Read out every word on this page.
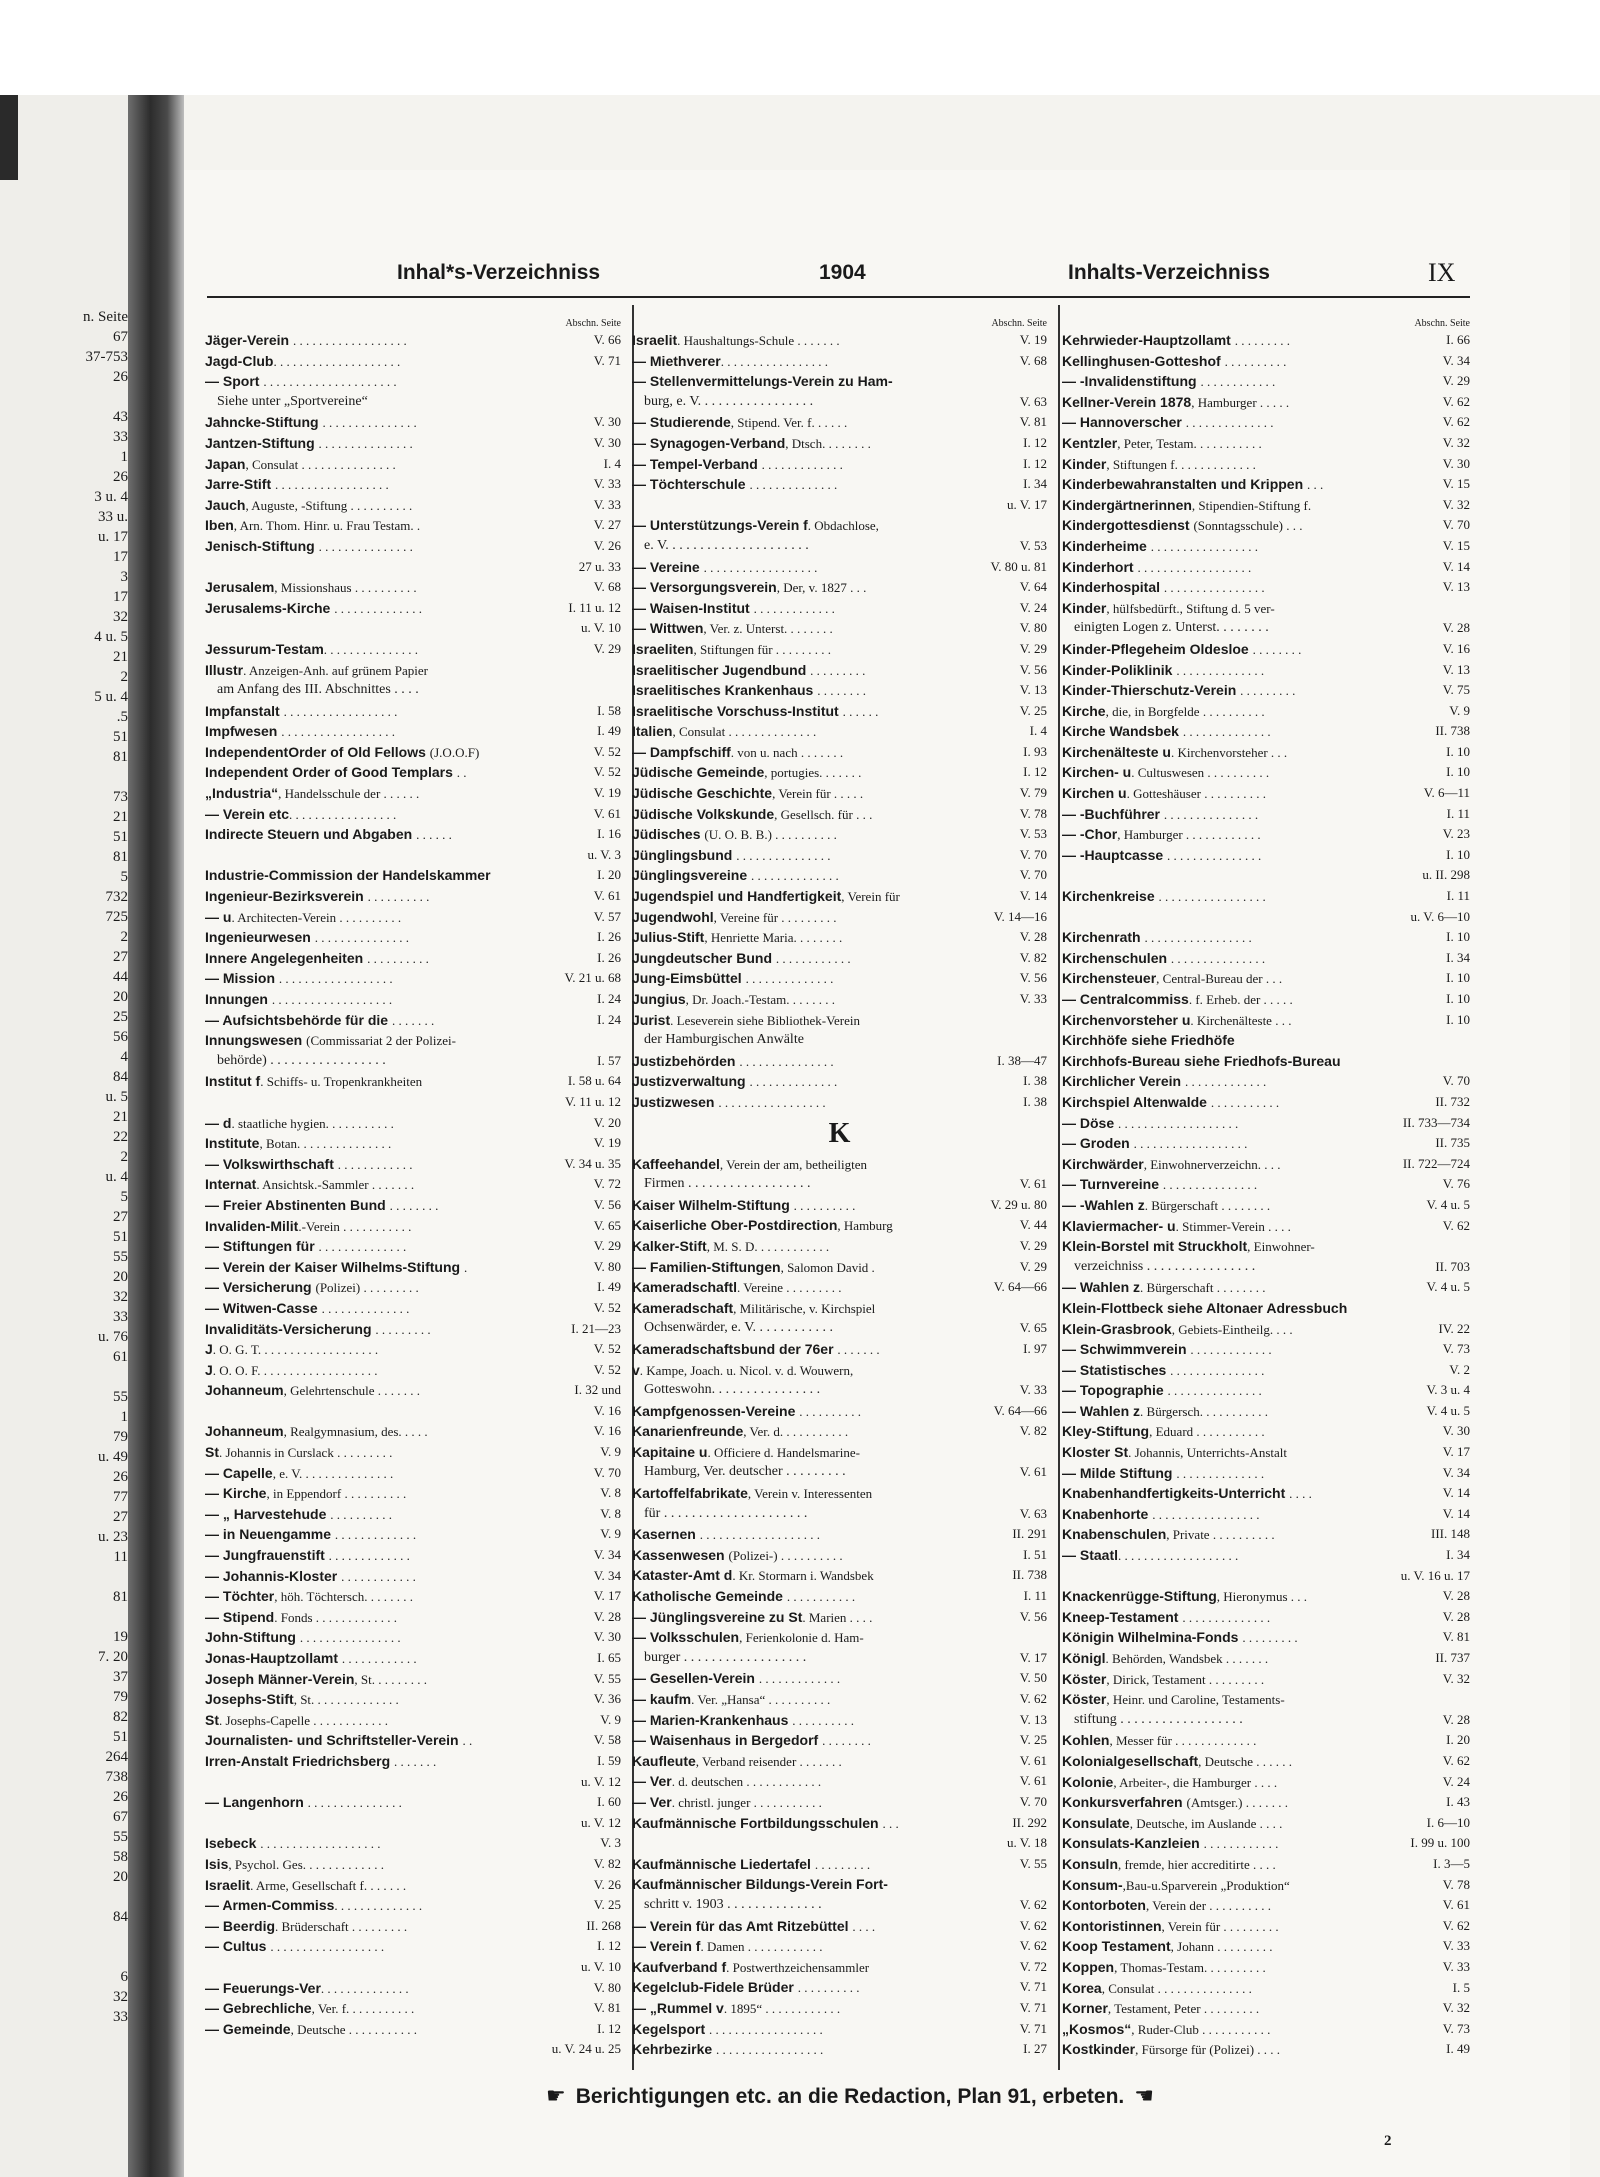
n. Seite
67
37-753
26
43
33
1
26
3 u. 4
33 u.
u. 17
17
3
17
32
4 u. 5
21
2
5 u. 4
.5
51
81
73
21
51
81
5
732
725
2
27
44
20
25
56
4
84
u. 5
21
22
2
u. 4
5
27
51
55
20
32
33
u. 76
61
55
1
79
u. 49
26
77
27
u. 23
11
81
19
7. 20
37
79
82
51
264
738
26
67
55
58
20
84
6
32
33
Inhal*s-Verzeichniss	1904	Inhalts-Verzeichniss	IX
Abschn. Seite
Jäger-Verein . . . . . . . . . . . . . . . . . .	V. 66
Jagd-Club. . . . . . . . . . . . . . . . . . . .	V. 71
— Sport . . . . . . . . . . . . . . . . . . . . .
Siehe unter „Sportvereine“
Jahncke-Stiftung . . . . . . . . . . . . . . .	V. 30
Jantzen-Stiftung . . . . . . . . . . . . . . .	V. 30
Japan, Consulat . . . . . . . . . . . . . . .	I. 4
Jarre-Stift . . . . . . . . . . . . . . . . . .	V. 33
Jauch, Auguste, -Stiftung . . . . . . . . . .	V. 33
Iben, Arn. Thom. Hinr. u. Frau Testam. .	V. 27
Jenisch-Stiftung . . . . . . . . . . . . . . .	V. 26
27 u. 33
Jerusalem, Missionshaus . . . . . . . . . .	V. 68
Jerusalems-Kirche . . . . . . . . . . . . . .	I. 11 u. 12
u. V. 10
Jessurum-Testam. . . . . . . . . . . . . . .	V. 29
Illustr. Anzeigen-Anh. auf grünem Papier
am Anfang des III. Abschnittes . . . .
Impfanstalt . . . . . . . . . . . . . . . . . .	I. 58
Impfwesen . . . . . . . . . . . . . . . . . .	I. 49
IndependentOrder of Old Fellows (J.O.O.F)	V. 52
Independent Order of Good Templars . .	V. 52
„Industria“, Handelsschule der . . . . . .	V. 19
— Verein etc. . . . . . . . . . . . . . . . .	V. 61
Indirecte Steuern und Abgaben . . . . . .	I. 16
u. V. 3
Industrie-Commission der Handelskammer	I. 20
Ingenieur-Bezirksverein . . . . . . . . . .	V. 61
— u. Architecten-Verein . . . . . . . . . .	V. 57
Ingenieurwesen . . . . . . . . . . . . . . .	I. 26
Innere Angelegenheiten . . . . . . . . . .	I. 26
— Mission . . . . . . . . . . . . . . . . . .	V. 21 u. 68
Innungen . . . . . . . . . . . . . . . . . . .	I. 24
— Aufsichtsbehörde für die . . . . . . .	I. 24
Innungswesen (Commissariat 2 der Polizei-
behörde) . . . . . . . . . . . . . . . . .	I. 57
Institut f. Schiffs- u. Tropenkrankheiten	I. 58 u. 64
V. 11 u. 12
— d. staatliche hygien. . . . . . . . . . .	V. 20
Institute, Botan. . . . . . . . . . . . . . .	V. 19
— Volkswirthschaft . . . . . . . . . . . .	V. 34 u. 35
Internat. Ansichtsk.-Sammler . . . . . . .	V. 72
— Freier Abstinenten Bund . . . . . . . .	V. 56
Invaliden-Milit.-Verein . . . . . . . . . . .	V. 65
— Stiftungen für . . . . . . . . . . . . . .	V. 29
— Verein der Kaiser Wilhelms-Stiftung .	V. 80
— Versicherung (Polizei) . . . . . . . . .	I. 49
— Witwen-Casse . . . . . . . . . . . . . .	V. 52
Invaliditäts-Versicherung . . . . . . . . .	I. 21—23
J. O. G. T. . . . . . . . . . . . . . . . . . .	V. 52
J. O. O. F. . . . . . . . . . . . . . . . . . .	V. 52
Johanneum, Gelehrtenschule . . . . . . .	I. 32 und
V. 16
Johanneum, Realgymnasium, des. . . . .	V. 16
St. Johannis in Curslack . . . . . . . . .	V. 9
— Capelle, e. V. . . . . . . . . . . . . . .	V. 70
— Kirche, in Eppendorf . . . . . . . . . .	V. 8
— „ Harvestehude . . . . . . . . . .	V. 8
— in Neuengamme . . . . . . . . . . . . .	V. 9
— Jungfrauenstift . . . . . . . . . . . . .	V. 34
— Johannis-Kloster . . . . . . . . . . . .	V. 34
— Töchter, höh. Töchtersch. . . . . . . .	V. 17
— Stipend. Fonds . . . . . . . . . . . . .	V. 28
John-Stiftung . . . . . . . . . . . . . . . .	V. 30
Jonas-Hauptzollamt . . . . . . . . . . . .	I. 65
Joseph Männer-Verein, St. . . . . . . . .	V. 55
Josephs-Stift, St. . . . . . . . . . . . . .	V. 36
St. Josephs-Capelle . . . . . . . . . . . .	V. 9
Journalisten- und Schriftsteller-Verein . .	V. 58
Irren-Anstalt Friedrichsberg . . . . . . .	I. 59
u. V. 12
— Langenhorn . . . . . . . . . . . . . . .	I. 60
u. V. 12
Isebeck . . . . . . . . . . . . . . . . . . .	V. 3
Isis, Psychol. Ges. . . . . . . . . . . . .	V. 82
Israelit. Arme, Gesellschaft f. . . . . . .	V. 26
— Armen-Commiss. . . . . . . . . . . . . .	V. 25
— Beerdig. Brüderschaft . . . . . . . . .	II. 268
— Cultus . . . . . . . . . . . . . . . . . .	I. 12
u. V. 10
— Feuerungs-Ver. . . . . . . . . . . . . .	V. 80
— Gebrechliche, Ver. f. . . . . . . . . . .	V. 81
— Gemeinde, Deutsche . . . . . . . . . . .	I. 12
u. V. 24 u. 25
Abschn. Seite
Israelit. Haushaltungs-Schule . . . . . . .	V. 19
— Miethverer. . . . . . . . . . . . . . . . .	V. 68
— Stellenvermittelungs-Verein zu Ham-
burg, e. V. . . . . . . . . . . . . . . . .	V. 63
— Studierende, Stipend. Ver. f. . . . . .	V. 81
— Synagogen-Verband, Dtsch. . . . . . . .	I. 12
— Tempel-Verband . . . . . . . . . . . . .	I. 12
— Töchterschule . . . . . . . . . . . . . .	I. 34
u. V. 17
— Unterstützungs-Verein f. Obdachlose,
e. V. . . . . . . . . . . . . . . . . . . . .	V. 53
— Vereine . . . . . . . . . . . . . . . . . .	V. 80 u. 81
— Versorgungsverein, Der, v. 1827 . . .	V. 64
— Waisen-Institut . . . . . . . . . . . . .	V. 24
— Wittwen, Ver. z. Unterst. . . . . . . .	V. 80
Israeliten, Stiftungen für . . . . . . . . .	V. 29
Israelitischer Jugendbund . . . . . . . . .	V. 56
Israelitisches Krankenhaus . . . . . . . .	V. 13
Israelitische Vorschuss-Institut . . . . . .	V. 25
Italien, Consulat . . . . . . . . . . . . . .	I. 4
— Dampfschiff. von u. nach . . . . . . .	I. 93
Jüdische Gemeinde, portugies. . . . . . .	I. 12
Jüdische Geschichte, Verein für . . . . .	V. 79
Jüdische Volkskunde, Gesellsch. für . . .	V. 78
Jüdisches (U. O. B. B.) . . . . . . . . . .	V. 53
Jünglingsbund . . . . . . . . . . . . . . .	V. 70
Jünglingsvereine . . . . . . . . . . . . . .	V. 70
Jugendspiel und Handfertigkeit, Verein für	V. 14
Jugendwohl, Vereine für . . . . . . . . .	V. 14—16
Julius-Stift, Henriette Maria. . . . . . . .	V. 28
Jungdeutscher Bund . . . . . . . . . . . .	V. 82
Jung-Eimsbüttel . . . . . . . . . . . . . .	V. 56
Jungius, Dr. Joach.-Testam. . . . . . . .	V. 33
Jurist. Leseverein siehe Bibliothek-Verein
der Hamburgischen Anwälte
Justizbehörden . . . . . . . . . . . . . . .	I. 38—47
Justizverwaltung . . . . . . . . . . . . . .	I. 38
Justizwesen . . . . . . . . . . . . . . . . .	I. 38
K
Kaffeehandel, Verein der am, betheiligten
Firmen . . . . . . . . . . . . . . . . . .	V. 61
Kaiser Wilhelm-Stiftung . . . . . . . . . .	V. 29 u. 80
Kaiserliche Ober-Postdirection, Hamburg	V. 44
Kalker-Stift, M. S. D. . . . . . . . . . . .	V. 29
— Familien-Stiftungen, Salomon David .	V. 29
Kameradschaftl. Vereine . . . . . . . . .	V. 64—66
Kameradschaft, Militärische, v. Kirchspiel
Ochsenwärder, e. V. . . . . . . . . . . .	V. 65
Kameradschaftsbund der 76er . . . . . . .	I. 97
v. Kampe, Joach. u. Nicol. v. d. Wouwern,
Gotteswohn. . . . . . . . . . . . . . . .	V. 33
Kampfgenossen-Vereine . . . . . . . . . .	V. 64—66
Kanarienfreunde, Ver. d. . . . . . . . . . .	V. 82
Kapitaine u. Officiere d. Handelsmarine-
Hamburg, Ver. deutscher . . . . . . . . .	V. 61
Kartoffelfabrikate, Verein v. Interessenten
für . . . . . . . . . . . . . . . . . . . . .	V. 63
Kasernen . . . . . . . . . . . . . . . . . . .	II. 291
Kassenwesen (Polizei-) . . . . . . . . . .	I. 51
Kataster-Amt d. Kr. Stormarn i. Wandsbek	II. 738
Katholische Gemeinde . . . . . . . . . . .	I. 11
— Jünglingsvereine zu St. Marien . . . .	V. 56
— Volksschulen, Ferienkolonie d. Ham-
burger . . . . . . . . . . . . . . . . . .	V. 17
— Gesellen-Verein . . . . . . . . . . . . .	V. 50
— kaufm. Ver. „Hansa“ . . . . . . . . . .	V. 62
— Marien-Krankenhaus . . . . . . . . . .	V. 13
— Waisenhaus in Bergedorf . . . . . . . .	V. 25
Kaufleute, Verband reisender . . . . . . .	V. 61
— Ver. d. deutschen . . . . . . . . . . . .	V. 61
— Ver. christl. junger . . . . . . . . . . .	V. 70
Kaufmännische Fortbildungsschulen . . .	II. 292
u. V. 18
Kaufmännische Liedertafel . . . . . . . . .	V. 55
Kaufmännischer Bildungs-Verein Fort-
schritt v. 1903 . . . . . . . . . . . . . .	V. 62
— Verein für das Amt Ritzebüttel . . . .	V. 62
— Verein f. Damen . . . . . . . . . . . .	V. 62
Kaufverband f. Postwerthzeichensammler	V. 72
Kegelclub-Fidele Brüder . . . . . . . . . .	V. 71
— „Rummel v. 1895“ . . . . . . . . . . . .	V. 71
Kegelsport . . . . . . . . . . . . . . . . . .	V. 71
Kehrbezirke . . . . . . . . . . . . . . . . .	I. 27
Abschn. Seite
Kehrwieder-Hauptzollamt . . . . . . . . .	I. 66
Kellinghusen-Gotteshof . . . . . . . . . .	V. 34
— -Invalidenstiftung . . . . . . . . . . . .	V. 29
Kellner-Verein 1878, Hamburger . . . . .	V. 62
— Hannoverscher . . . . . . . . . . . . . .	V. 62
Kentzler, Peter, Testam. . . . . . . . . . .	V. 32
Kinder, Stiftungen f. . . . . . . . . . . . .	V. 30
Kinderbewahranstalten und Krippen . . .	V. 15
Kindergärtnerinnen, Stipendien-Stiftung f.	V. 32
Kindergottesdienst (Sonntagsschule) . . .	V. 70
Kinderheime . . . . . . . . . . . . . . . . .	V. 15
Kinderhort . . . . . . . . . . . . . . . . . .	V. 14
Kinderhospital . . . . . . . . . . . . . . . .	V. 13
Kinder, hülfsbedürft., Stiftung d. 5 ver-
einigten Logen z. Unterst. . . . . . . .	V. 28
Kinder-Pflegeheim Oldesloe . . . . . . . .	V. 16
Kinder-Poliklinik . . . . . . . . . . . . . .	V. 13
Kinder-Thierschutz-Verein . . . . . . . . .	V. 75
Kirche, die, in Borgfelde . . . . . . . . . .	V. 9
Kirche Wandsbek . . . . . . . . . . . . . .	II. 738
Kirchenälteste u. Kirchenvorsteher . . .	I. 10
Kirchen- u. Cultuswesen . . . . . . . . . .	I. 10
Kirchen u. Gotteshäuser . . . . . . . . . .	V. 6—11
— -Buchführer . . . . . . . . . . . . . . .	I. 11
— -Chor, Hamburger . . . . . . . . . . . .	V. 23
— -Hauptcasse . . . . . . . . . . . . . . .	I. 10
u. II. 298
Kirchenkreise . . . . . . . . . . . . . . . . .	I. 11
u. V. 6—10
Kirchenrath . . . . . . . . . . . . . . . . .	I. 10
Kirchenschulen . . . . . . . . . . . . . . .	I. 34
Kirchensteuer, Central-Bureau der . . .	I. 10
— Centralcommiss. f. Erheb. der . . . . .	I. 10
Kirchenvorsteher u. Kirchenälteste . . .	I. 10
Kirchhöfe siehe Friedhöfe
Kirchhofs-Bureau siehe Friedhofs-Bureau
Kirchlicher Verein . . . . . . . . . . . . .	V. 70
Kirchspiel Altenwalde . . . . . . . . . . .	II. 732
— Döse . . . . . . . . . . . . . . . . . . .	II. 733—734
— Groden . . . . . . . . . . . . . . . . . .	II. 735
Kirchwärder, Einwohnerverzeichn. . . .	II. 722—724
— Turnvereine . . . . . . . . . . . . . . .	V. 76
— -Wahlen z. Bürgerschaft . . . . . . . .	V. 4 u. 5
Klaviermacher- u. Stimmer-Verein . . . .	V. 62
Klein-Borstel mit Struckholt, Einwohner-
verzeichniss . . . . . . . . . . . . . . . .	II. 703
— Wahlen z. Bürgerschaft . . . . . . . .	V. 4 u. 5
Klein-Flottbeck siehe Altonaer Adressbuch
Klein-Grasbrook, Gebiets-Eintheilg. . . .	IV. 22
— Schwimmverein . . . . . . . . . . . . .	V. 73
— Statistisches . . . . . . . . . . . . . . .	V. 2
— Topographie . . . . . . . . . . . . . . .	V. 3 u. 4
— Wahlen z. Bürgersch. . . . . . . . . . .	V. 4 u. 5
Kley-Stiftung, Eduard . . . . . . . . . . .	V. 30
Kloster St. Johannis, Unterrichts-Anstalt	V. 17
— Milde Stiftung . . . . . . . . . . . . . .	V. 34
Knabenhandfertigkeits-Unterricht . . . .	V. 14
Knabenhorte . . . . . . . . . . . . . . . . .	V. 14
Knabenschulen, Private . . . . . . . . . .	III. 148
— Staatl. . . . . . . . . . . . . . . . . . .	I. 34
u. V. 16 u. 17
Knackenrügge-Stiftung, Hieronymus . . .	V. 28
Kneep-Testament . . . . . . . . . . . . . .	V. 28
Königin Wilhelmina-Fonds . . . . . . . . .	V. 81
Königl. Behörden, Wandsbek . . . . . . .	II. 737
Köster, Dirick, Testament . . . . . . . . .	V. 32
Köster, Heinr. und Caroline, Testaments-
stiftung . . . . . . . . . . . . . . . . . .	V. 28
Kohlen, Messer für . . . . . . . . . . . . .	I. 20
Kolonialgesellschaft, Deutsche . . . . . .	V. 62
Kolonie, Arbeiter-, die Hamburger . . . .	V. 24
Konkursverfahren (Amtsger.) . . . . . . .	I. 43
Konsulate, Deutsche, im Auslande . . . .	I. 6—10
Konsulats-Kanzleien . . . . . . . . . . . .	I. 99 u. 100
Konsuln, fremde, hier accreditirte . . . .	I. 3—5
Konsum-,Bau-u.Sparverein „Produktion“	V. 78
Kontorboten, Verein der . . . . . . . . . .	V. 61
Kontoristinnen, Verein für . . . . . . . . .	V. 62
Koop Testament, Johann . . . . . . . . .	V. 33
Koppen, Thomas-Testam. . . . . . . . . .	V. 33
Korea, Consulat . . . . . . . . . . . . . . .	I. 5
Korner, Testament, Peter . . . . . . . . .	V. 32
„Kosmos“, Ruder-Club . . . . . . . . . . .	V. 73
Kostkinder, Fürsorge für (Polizei) . . . .	I. 49
☛ Berichtigungen etc. an die Redaction, Plan 91, erbeten. ☚
2
